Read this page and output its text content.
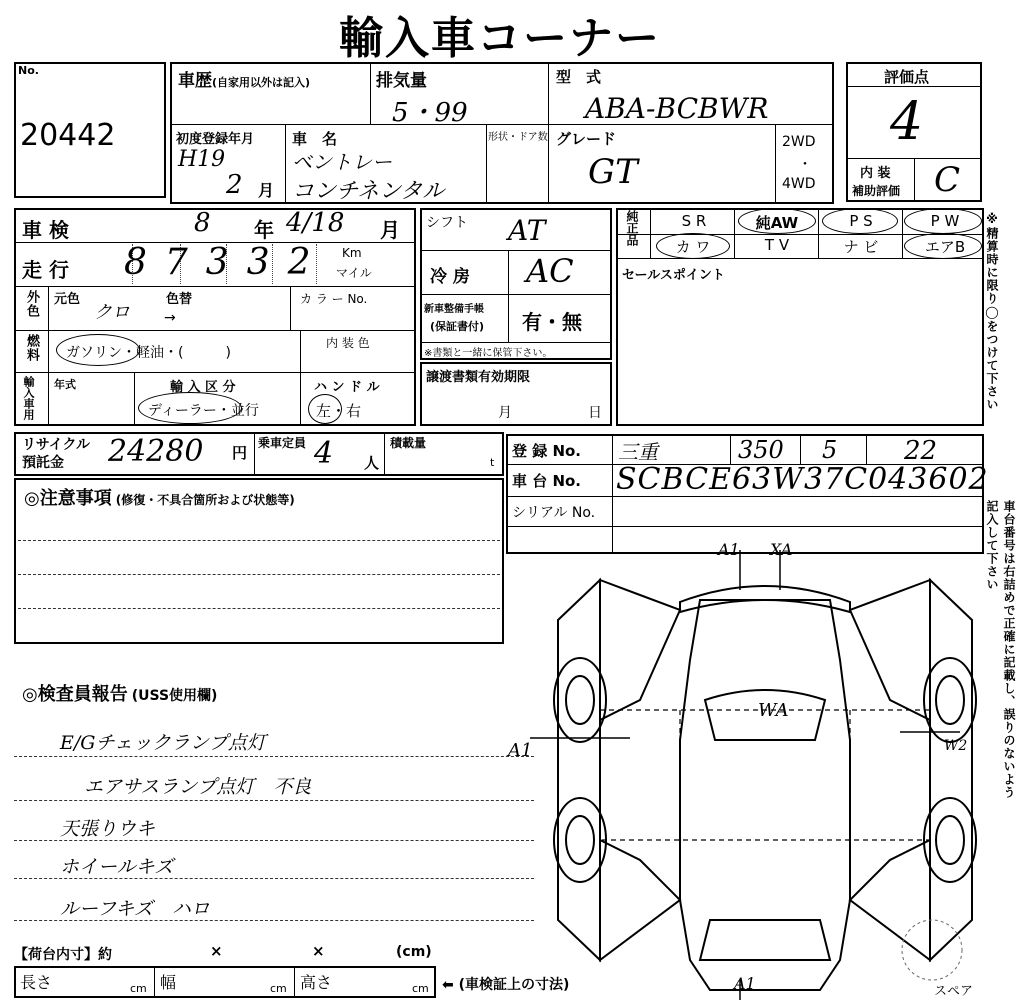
輸入車コーナー
No.
20442
車歴(自家用以外は記入)	排気量
5・99
型　式
ABA-BCBWR
初度登録年月
H19
2 月
車　名
ベントレー
コンチネンタル
形状・ドア数 グレード
GT
2WD
・
4WD
評価点
4
内 装
補助評価 C
車 検	8 年 4/18 月
走 行 87332 Km
マイル
外色 元色
クロ
色替
→
カ ラ ー No.
燃料 ガソリン・軽油・(　　　)
内 装 色
輸入車用 年式	輸 入 区 分
ディーラー・並行
ハ ン ド ル
左・右
シフト AT
冷 房 AC
新車整備手帳
(保証書付) 有・無
※書類と一緒に保管下さい。
譲渡書類有効期限
月	日
純正品	S R	純AW	P S	P W
カ ワ	T V	ナ ビ	エアB
セールスポイント
リサイクル
預託金 24280 円
乗車定員 4 人
積載量
t
登 録 No. 三重	350 5	22
車 台 No. SCBCE63W37C043602
シリアル No.
◎注意事項 (修復・不具合箇所および状態等)
◎検査員報告 (USS使用欄)
E/Gチェックランプ点灯
エアサスランプ点灯　不良
天張りウキ
ホイールキズ
ルーフキズ　ハロ
【荷台内寸】約	×	×	(cm)
長さ	cm 幅	cm 高さ	cm ⬅ (車検証上の寸法)
A1 XA
WA
A1	W2
A1	スペア
※精算時に限り◯をつけて下さい
車台番号は右詰めで正確に記載し、誤りのないよう記入して下さい
